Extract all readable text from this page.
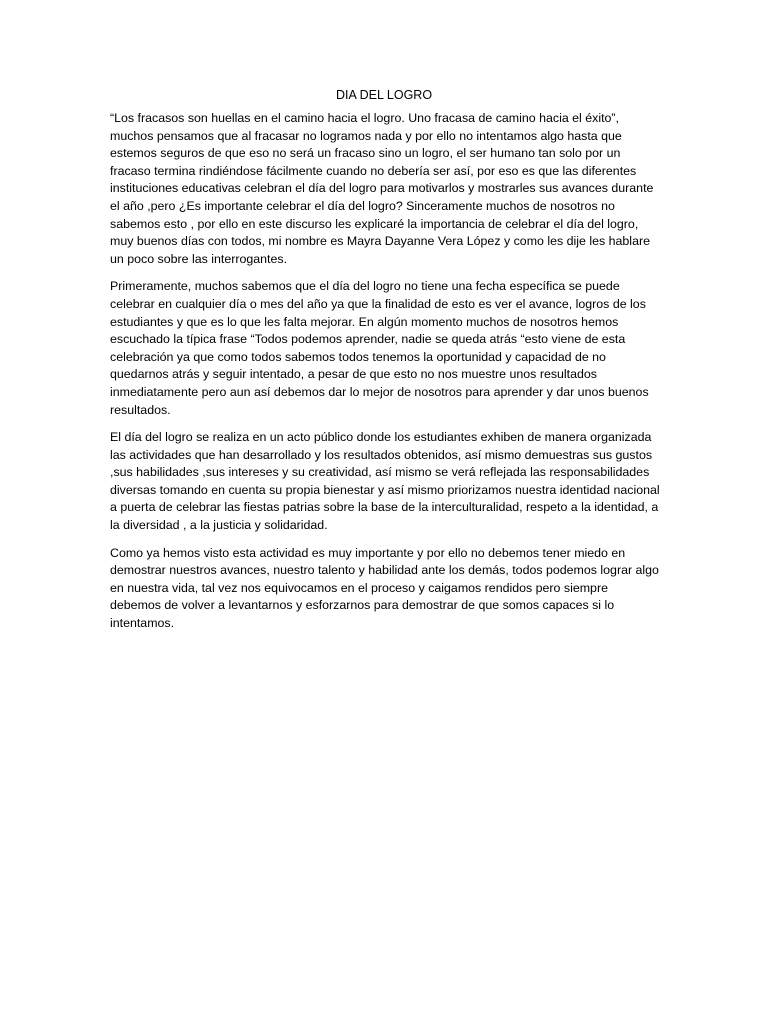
DIA DEL LOGRO

“Los fracasos son huellas en el camino hacia el logro. Uno fracasa de camino hacia el éxito”, muchos pensamos que al fracasar no logramos nada y por ello no intentamos algo hasta que estemos seguros de que eso no será un fracaso sino un logro, el ser humano tan solo por un fracaso termina rindiéndose fácilmente cuando no debería ser así, por eso es que las diferentes instituciones educativas celebran el día del logro para motivarlos y mostrarles sus avances durante el año ,pero ¿Es importante celebrar el día del logro? Sinceramente muchos de nosotros no sabemos esto , por ello en este discurso les explicaré la importancia de celebrar el día del logro, muy buenos días con todos, mi nombre es Mayra Dayanne Vera López y como les dije les hablare un poco sobre las interrogantes.

Primeramente, muchos sabemos que el día del logro no tiene una fecha específica se puede celebrar en cualquier día o mes del año ya que la finalidad de esto es ver el avance, logros de los estudiantes y que es lo que les falta mejorar. En algún momento muchos de nosotros hemos escuchado la típica frase “Todos podemos aprender, nadie se queda atrás “esto viene de esta celebración ya que como todos sabemos todos tenemos la oportunidad y capacidad de no quedarnos atrás y seguir intentado, a pesar de que esto no nos muestre unos resultados inmediatamente pero aun así debemos dar lo mejor de nosotros para aprender y dar unos buenos resultados.

El día del logro se realiza en un acto público donde los estudiantes exhiben de manera organizada las actividades que han desarrollado y los resultados obtenidos, así mismo demuestras sus gustos ,sus habilidades ,sus intereses y su creatividad, así mismo se verá reflejada las responsabilidades diversas tomando en cuenta su propia bienestar y así mismo priorizamos nuestra identidad nacional a puerta de celebrar las fiestas patrias sobre la base de la interculturalidad, respeto a la identidad, a la diversidad , a la justicia y solidaridad.

Como ya hemos visto esta actividad es muy importante y por ello no debemos tener miedo en demostrar nuestros avances, nuestro talento y habilidad ante los demás, todos podemos lograr algo en nuestra vida, tal vez nos equivocamos en el proceso y caigamos rendidos pero siempre debemos de volver a levantarnos y esforzarnos para demostrar de que somos capaces si lo intentamos.
